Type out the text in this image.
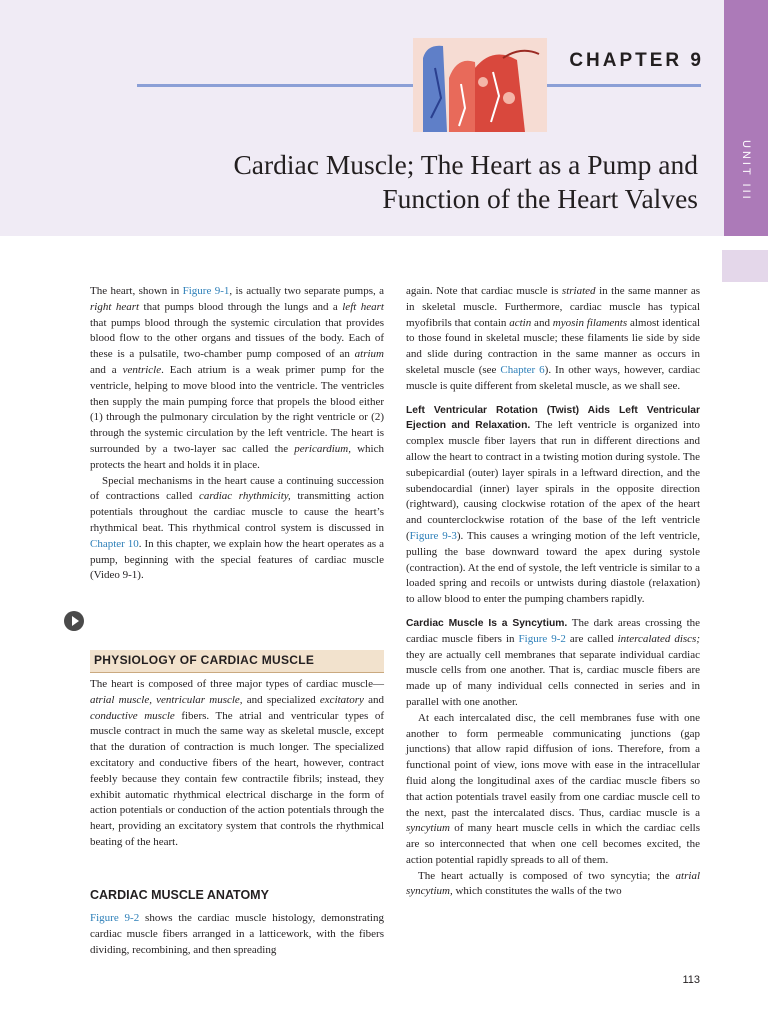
UNIT III
CHAPTER 9
Cardiac Muscle; The Heart as a Pump and
Function of the Heart Valves

The heart, shown in Figure 9-1, is actually two separate pumps, a right heart that pumps blood through the lungs and a left heart that pumps blood through the systemic circulation that provides blood flow to the other organs and tissues of the body. Each of these is a pulsatile, two-chamber pump composed of an atrium and a ventricle. Each atrium is a weak primer pump for the ventricle, helping to move blood into the ventricle. The ventricles then supply the main pumping force that propels the blood either (1) through the pulmonary circulation by the right ventricle or (2) through the systemic circulation by the left ventricle. The heart is surrounded by a two-layer sac called the pericardium, which protects the heart and holds it in place.

Special mechanisms in the heart cause a continuing succession of contractions called cardiac rhythmicity, transmitting action potentials throughout the cardiac muscle to cause the heart’s rhythmical beat. This rhythmical control system is discussed in Chapter 10. In this chapter, we explain how the heart operates as a pump, beginning with the special features of cardiac muscle (Video 9-1).

PHYSIOLOGY OF CARDIAC MUSCLE

The heart is composed of three major types of cardiac muscle—atrial muscle, ventricular muscle, and specialized excitatory and conductive muscle fibers. The atrial and ventricular types of muscle contract in much the same way as skeletal muscle, except that the duration of contraction is much longer. The specialized excitatory and conductive fibers of the heart, however, contract feebly because they contain few contractile fibrils; instead, they exhibit automatic rhythmical electrical discharge in the form of action potentials or conduction of the action potentials through the heart, providing an excitatory system that controls the rhythmical beating of the heart.

CARDIAC MUSCLE ANATOMY

Figure 9-2 shows the cardiac muscle histology, demonstrating cardiac muscle fibers arranged in a latticework, with the fibers dividing, recombining, and then spreading

again. Note that cardiac muscle is striated in the same manner as in skeletal muscle. Furthermore, cardiac muscle has typical myofibrils that contain actin and myosin filaments almost identical to those found in skeletal muscle; these filaments lie side by side and slide during contraction in the same manner as occurs in skeletal muscle (see Chapter 6). In other ways, however, cardiac muscle is quite different from skeletal muscle, as we shall see.

Left Ventricular Rotation (Twist) Aids Left Ventricular Ejection and Relaxation. The left ventricle is organized into complex muscle fiber layers that run in different directions and allow the heart to contract in a twisting motion during systole. The subepicardial (outer) layer spirals in a leftward direction, and the subendocardial (inner) layer spirals in the opposite direction (rightward), causing clockwise rotation of the apex of the heart and counterclockwise rotation of the base of the left ventricle (Figure 9-3). This causes a wringing motion of the left ventricle, pulling the base downward toward the apex during systole (contraction). At the end of systole, the left ventricle is similar to a loaded spring and recoils or untwists during diastole (relaxation) to allow blood to enter the pumping chambers rapidly.

Cardiac Muscle Is a Syncytium. The dark areas crossing the cardiac muscle fibers in Figure 9-2 are called intercalated discs; they are actually cell membranes that separate individual cardiac muscle cells from one another. That is, cardiac muscle fibers are made up of many individual cells connected in series and in parallel with one another.

At each intercalated disc, the cell membranes fuse with one another to form permeable communicating junctions (gap junctions) that allow rapid diffusion of ions. Therefore, from a functional point of view, ions move with ease in the intracellular fluid along the longitudinal axes of the cardiac muscle fibers so that action potentials travel easily from one cardiac muscle cell to the next, past the intercalated discs. Thus, cardiac muscle is a syncytium of many heart muscle cells in which the cardiac cells are so interconnected that when one cell becomes excited, the action potential rapidly spreads to all of them.

The heart actually is composed of two syncytia; the atrial syncytium, which constitutes the walls of the two

113
